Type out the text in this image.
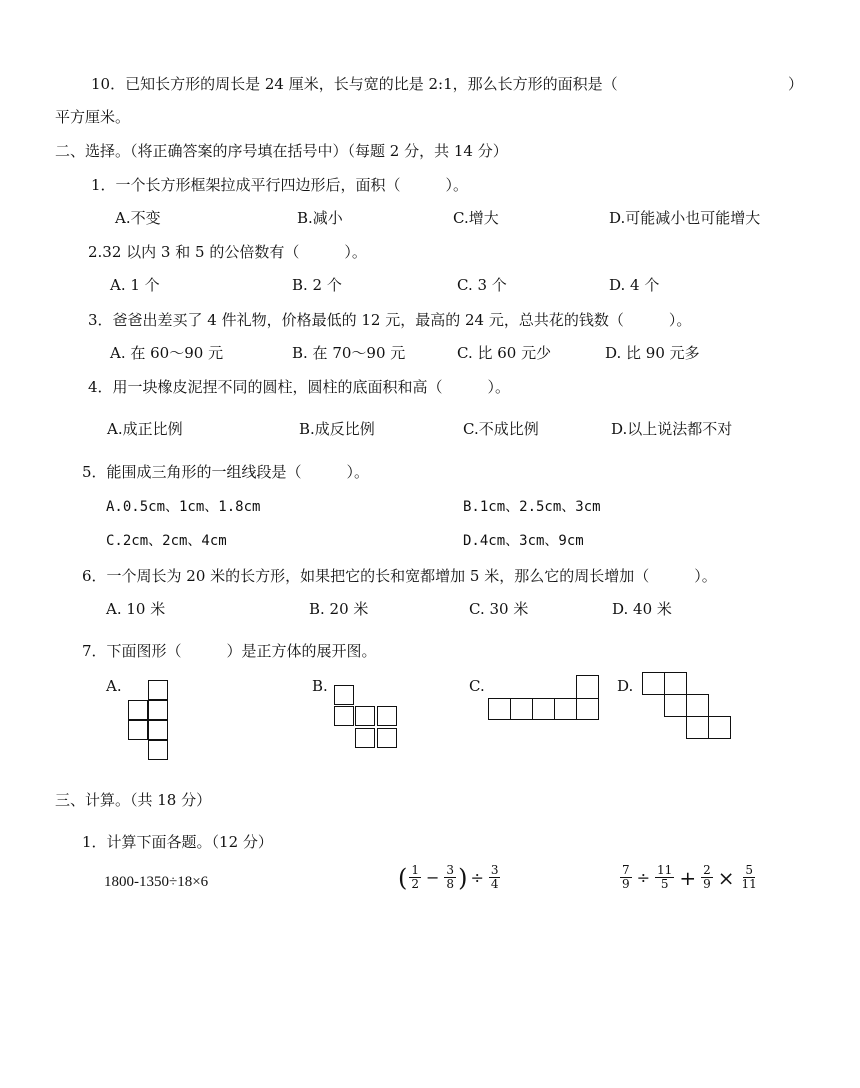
10．已知长方形的周长是 24 厘米，长与宽的比是 2:1，那么长方形的面积是（	）
平方厘米。
二、选择。（将正确答案的序号填在括号中）（每题 2 分，共 14 分）
1．一个长方形框架拉成平行四边形后，面积（　　　）。
A.不变	B.减小	C.增大	D.可能减小也可能增大
2.32 以内 3 和 5 的公倍数有（　　　）。
A. 1 个	B. 2 个	C. 3 个	D. 4 个
3．爸爸出差买了 4 件礼物，价格最低的 12 元，最高的 24 元，总共花的钱数（　　　）。
A. 在 60～90 元	B. 在 70～90 元	C. 比 60 元少	D. 比 90 元多
4．用一块橡皮泥捏不同的圆柱，圆柱的底面积和高（　　　）。
A.成正比例	B.成反比例	C.不成比例	D.以上说法都不对
5．能围成三角形的一组线段是（　　　）。
A.0.5cm、1cm、1.8cm	B.1cm、2.5cm、3cm
C.2cm、2cm、4cm	D.4cm、3cm、9cm
6．一个周长为 20 米的长方形，如果把它的长和宽都增加 5 米，那么它的周长增加（　　　）。
A. 10 米	B. 20 米	C. 30 米	D. 40 米
7．下面图形（　　　）是正方体的展开图。
A.	B.	C.	D.
三、计算。（共 18 分）
1．计算下面各题。（12 分）
1800-1350÷18×6	( $\frac{1}{2} - \frac{3}{8}$ ) ÷ $\frac{3}{4}$	$\frac{7}{9} \div \frac{11}{5} + \frac{2}{9} \times \frac{5}{11}$
